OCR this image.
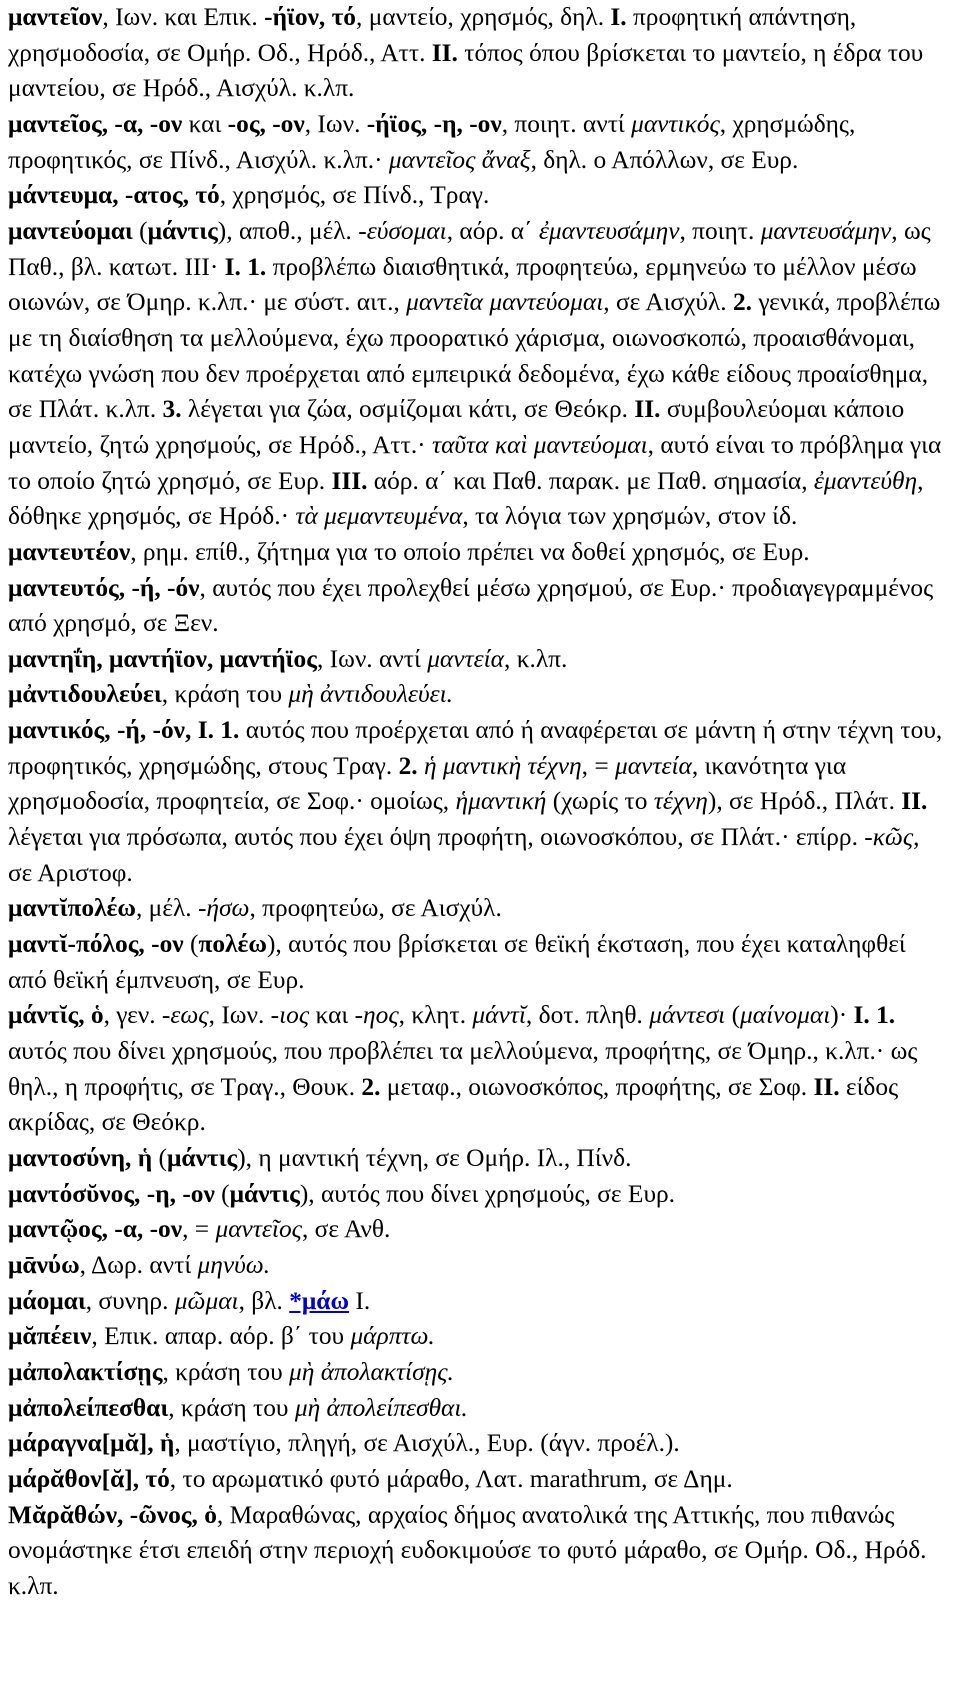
μαντεῖον, Ιων. και Επικ. -ήϊον, τό, μαντείο, χρησμός, δηλ. I. προφητική απάντηση, χρησμοδοσία, σε Ομήρ. Οδ., Ηρόδ., Αττ. II. τόπος όπου βρίσκεται το μαντείο, η έδρα του μαντείου, σε Ηρόδ., Αισχύλ. κ.λπ.

μαντεῖος, -α, -ον και -ος, -ον, Ιων. -ήϊος, -η, -ον, ποιητ. αντί μαντικός, χρησμώδης, προφητικός, σε Πίνδ., Αισχύλ. κ.λπ.· μαντεῖος ἄναξ, δηλ. ο Απόλλων, σε Ευρ.

μάντευμα, -ατος, τό, χρησμός, σε Πίνδ., Τραγ.

μαντεύομαι (μάντις), αποθ., μέλ. -εύσομαι, αόρ. α΄ ἐμαντευσάμην, ποιητ. μαντευσάμην, ως Παθ., βλ. κατωτ. III· I. 1. προβλέπω διαισθητικά, προφητεύω, ερμηνεύω το μέλλον μέσω οιωνών, σε Όμηρ. κ.λπ.· με σύστ. αιτ., μαντεῖα μαντεύομαι, σε Αισχύλ. 2. γενικά, προβλέπω με τη διαίσθηση τα μελλούμενα, έχω προορατικό χάρισμα, οιωνοσκοπώ, προαισθάνομαι, κατέχω γνώση που δεν προέρχεται από εμπειρικά δεδομένα, έχω κάθε είδους προαίσθημα, σε Πλάτ. κ.λπ. 3. λέγεται για ζώα, οσμίζομαι κάτι, σε Θεόκρ. II. συμβουλεύομαι κάποιο μαντείο, ζητώ χρησμούς, σε Ηρόδ., Αττ.· ταῦτα καὶ μαντεύομαι, αυτό είναι το πρόβλημα για το οποίο ζητώ χρησμό, σε Ευρ. III. αόρ. α΄ και Παθ. παρακ. με Παθ. σημασία, ἐμαντεύθη, δόθηκε χρησμός, σε Ηρόδ.· τὰ μεμαντευμένα, τα λόγια των χρησμών, στον ίδ.

μαντευτέον, ρημ. επίθ., ζήτημα για το οποίο πρέπει να δοθεί χρησμός, σε Ευρ.

μαντευτός, -ή, -όν, αυτός που έχει προλεχθεί μέσω χρησμού, σε Ευρ.· προδιαγεγραμμένος από χρησμό, σε Ξεν.

μαντηΐη, μαντήϊον, μαντήϊος, Ιων. αντί μαντεία, κ.λπ.

μἀντιδουλεύει, κράση του μὴ ἀντιδουλεύει.

μαντικός, -ή, -όν, I. 1. αυτός που προέρχεται από ή αναφέρεται σε μάντη ή στην τέχνη του, προφητικός, χρησμώδης, στους Τραγ. 2. ἡ μαντικὴ τέχνη, = μαντεία, ικανότητα για χρησμοδοσία, προφητεία, σε Σοφ.· ομοίως, ἡμαντική (χωρίς το τέχνη), σε Ηρόδ., Πλάτ. II. λέγεται για πρόσωπα, αυτός που έχει όψη προφήτη, οιωνοσκόπου, σε Πλάτ.· επίρρ. -κῶς, σε Αριστοφ.

μαντῐπολέω, μέλ. -ήσω, προφητεύω, σε Αισχύλ.

μαντῐ-πόλος, -ον (πολέω), αυτός που βρίσκεται σε θεϊκή έκσταση, που έχει καταληφθεί από θεϊκή έμπνευση, σε Ευρ.

μάντῐς, ὁ, γεν. -εως, Ιων. -ιος και -ηος, κλητ. μάντῐ, δοτ. πληθ. μάντεσι (μαίνομαι)· I. 1. αυτός που δίνει χρησμούς, που προβλέπει τα μελλούμενα, προφήτης, σε Όμηρ., κ.λπ.· ως θηλ., η προφήτις, σε Τραγ., Θουκ. 2. μεταφ., οιωνοσκόπος, προφήτης, σε Σοφ. II. είδος ακρίδας, σε Θεόκρ.

μαντοσύνη, ἡ (μάντις), η μαντική τέχνη, σε Ομήρ. Ιλ., Πίνδ.

μαντόσῠνος, -η, -ον (μάντις), αυτός που δίνει χρησμούς, σε Ευρ.

μαντῷος, -α, -ον, = μαντεῖος, σε Ανθ.

μᾱνύω, Δωρ. αντί μηνύω.

μάομαι, συνηρ. μῶμαι, βλ. *μάω I.

μᾰπέειν, Επικ. απαρ. αόρ. β΄ του μάρπτω.

μἀπολακτίσῃς, κράση του μὴ ἀπολακτίσῃς.

μἀπολείπεσθαι, κράση του μὴ ἀπολείπεσθαι.

μάραγνα[μᾰ], ἡ, μαστίγιο, πληγή, σε Αισχύλ., Ευρ. (άγν. προέλ.).

μάρᾰθον[ᾰ], τό, το αρωματικό φυτό μάραθο, Λατ. marathrum, σε Δημ.

Μᾰρᾰθών, -ῶνος, ὁ, Μαραθώνας, αρχαίος δήμος ανατολικά της Αττικής, που πιθανώς ονομάστηκε έτσι επειδή στην περιοχή ευδοκιμούσε το φυτό μάραθο, σε Ομήρ. Οδ., Ηρόδ. κ.λπ.
